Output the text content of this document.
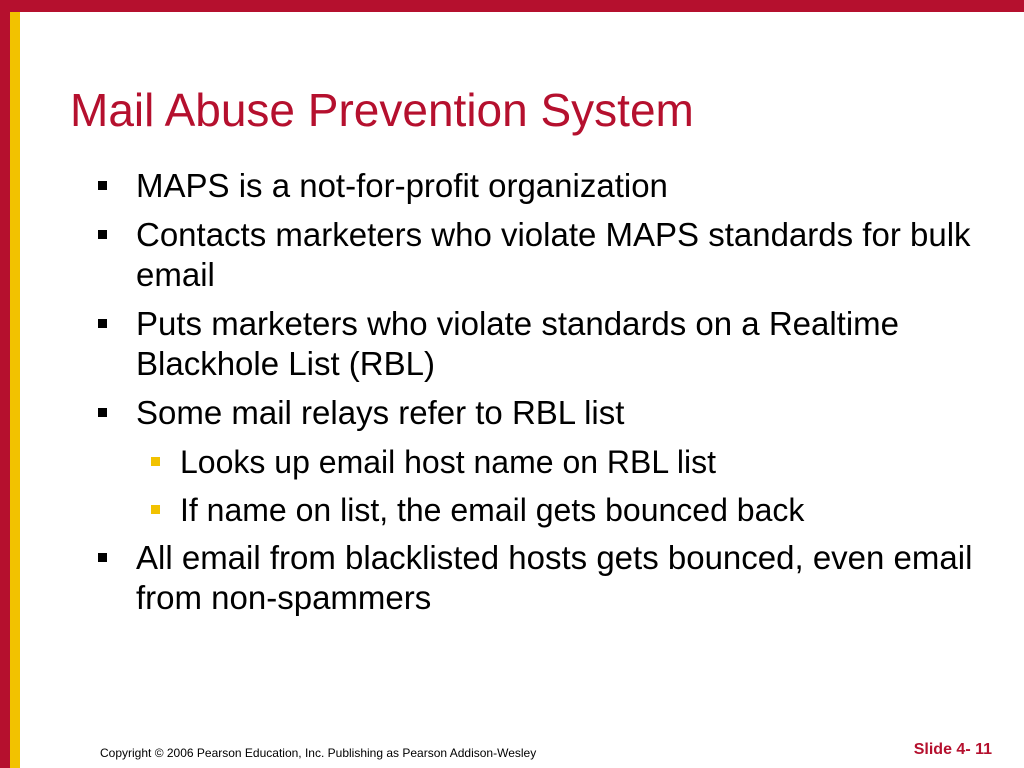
Mail Abuse Prevention System
MAPS is a not-for-profit organization
Contacts marketers who violate MAPS standards for bulk email
Puts marketers who violate standards on a Realtime Blackhole List (RBL)
Some mail relays refer to RBL list
Looks up email host name on RBL list
If name on list, the email gets bounced back
All email from blacklisted hosts gets bounced, even email from non-spammers
Copyright © 2006 Pearson Education, Inc. Publishing as Pearson Addison-Wesley	Slide 4- 11
